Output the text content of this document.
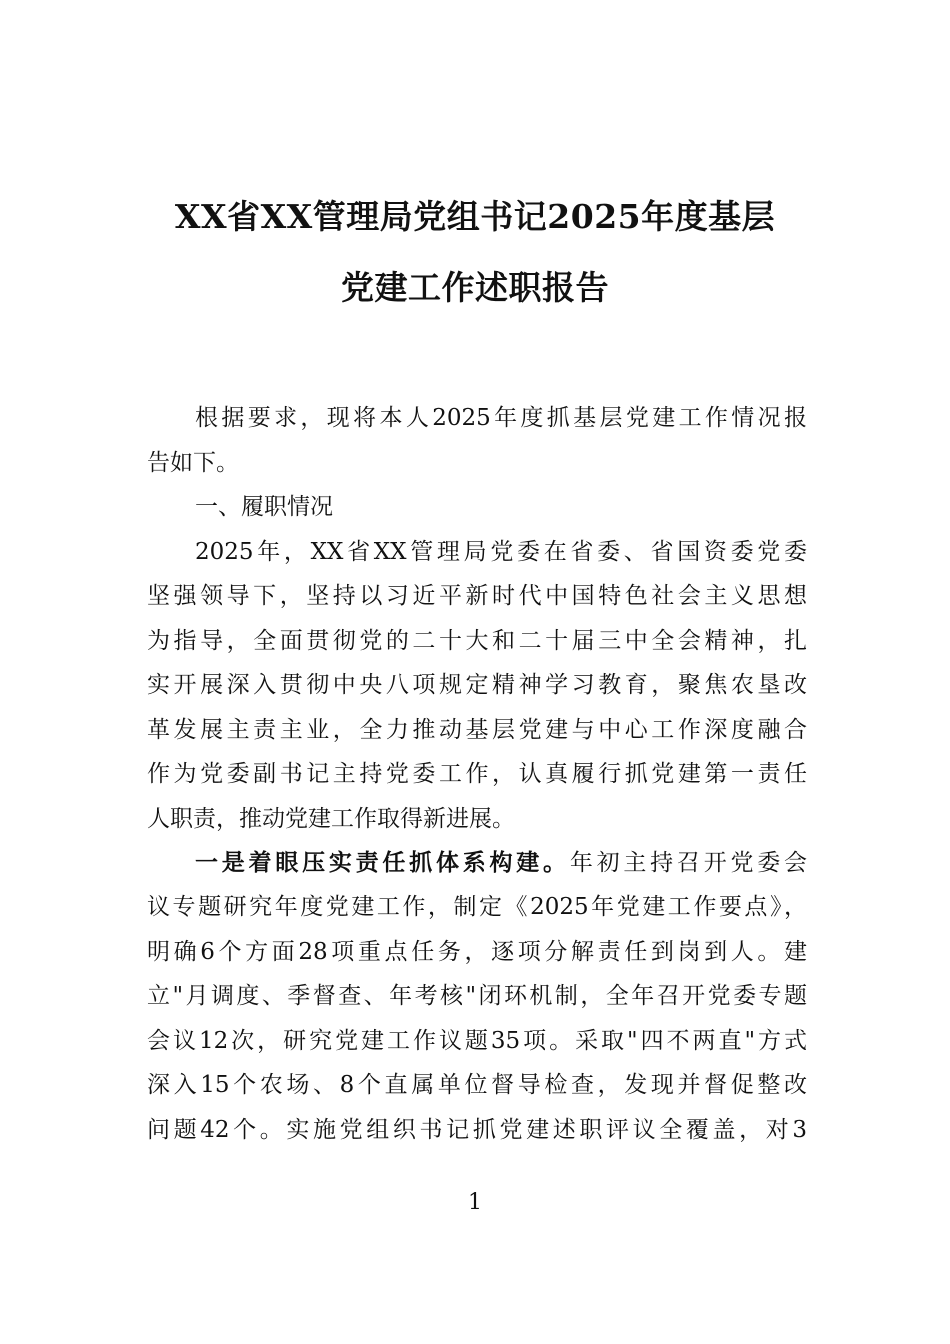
XX省XX管理局党组书记2025年度基层
党建工作述职报告
根据要求，现将本人2025年度抓基层党建工作情况报
告如下。
一、履职情况
2025年，XX省XX管理局党委在省委、省国资委党委
坚强领导下，坚持以习近平新时代中国特色社会主义思想
为指导，全面贯彻党的二十大和二十届三中全会精神，扎
实开展深入贯彻中央八项规定精神学习教育，聚焦农垦改
革发展主责主业，全力推动基层党建与中心工作深度融合
作为党委副书记主持党委工作，认真履行抓党建第一责任
人职责，推动党建工作取得新进展。
一是着眼压实责任抓体系构建。年初主持召开党委会
议专题研究年度党建工作，制定《2025年党建工作要点》，
明确6个方面28项重点任务，逐项分解责任到岗到人。建
立"月调度、季督查、年考核"闭环机制，全年召开党委专题
会议12次，研究党建工作议题35项。采取"四不两直"方式
深入15个农场、8个直属单位督导检查，发现并督促整改
问题42个。实施党组织书记抓党建述职评议全覆盖，对3
1
